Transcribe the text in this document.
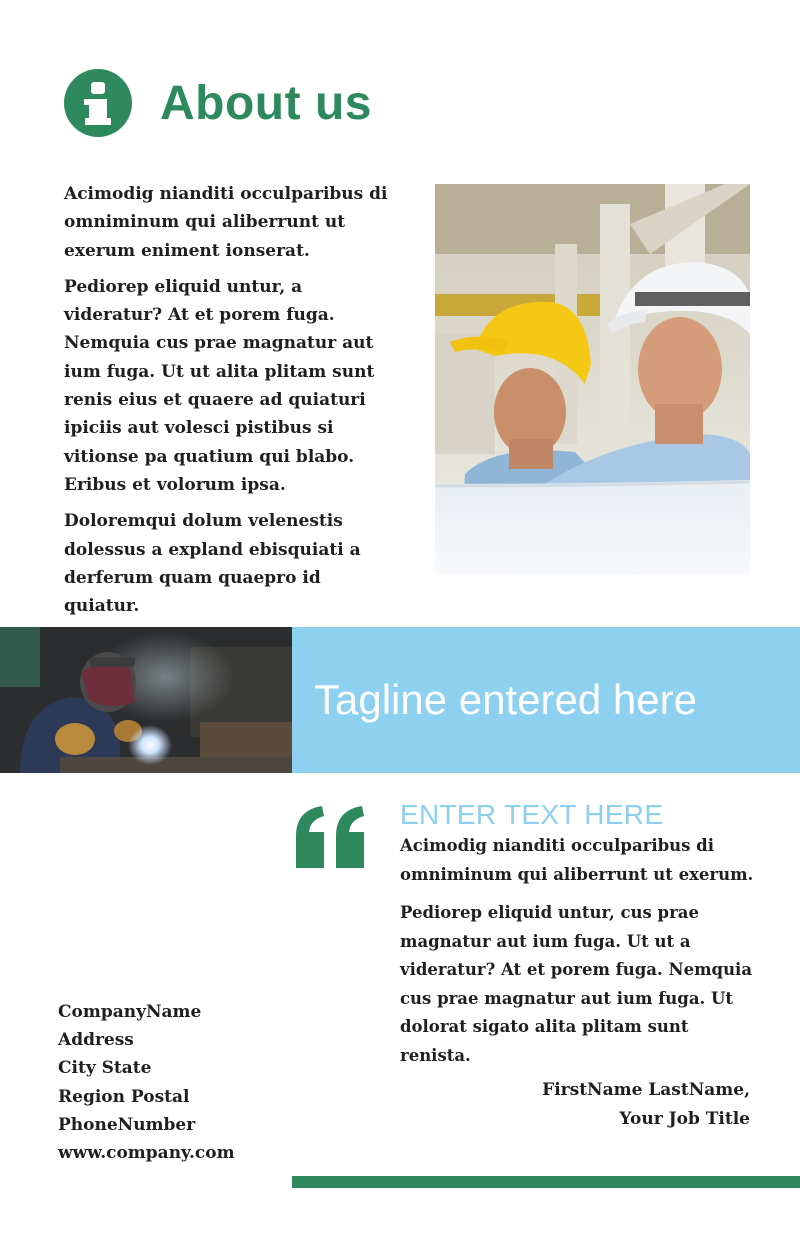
About us

Acimodig nianditi occulparibus di omniminum qui aliberrunt ut exerum eniment ionserat.

Pediorep eliquid untur, a videratur? At et porem fuga. Nemquia cus prae magnatur aut ium fuga. Ut ut alita plitam sunt renis eius et quaere ad quiaturi ipiciis aut volesci pistibus si vitionse pa quatium qui blabo. Eribus et volorum ipsa.

Doloremqui dolum velenestis dolessus a expland ebisquiati a derferum quam quaepro id quiatur.

Tagline entered here
ENTER TEXT HERE

Acimodig nianditi occulparibus di omniminum qui aliberrunt ut exerum.

Pediorep eliquid untur, cus prae magnatur aut ium fuga. Ut ut a videratur? At et porem fuga. Nemquia cus prae magnatur aut ium fuga. Ut dolorat sigato alita plitam sunt renista.

FirstName LastName,
Your Job Title
CompanyName
Address
City State
Region Postal
PhoneNumber
www.company.com
